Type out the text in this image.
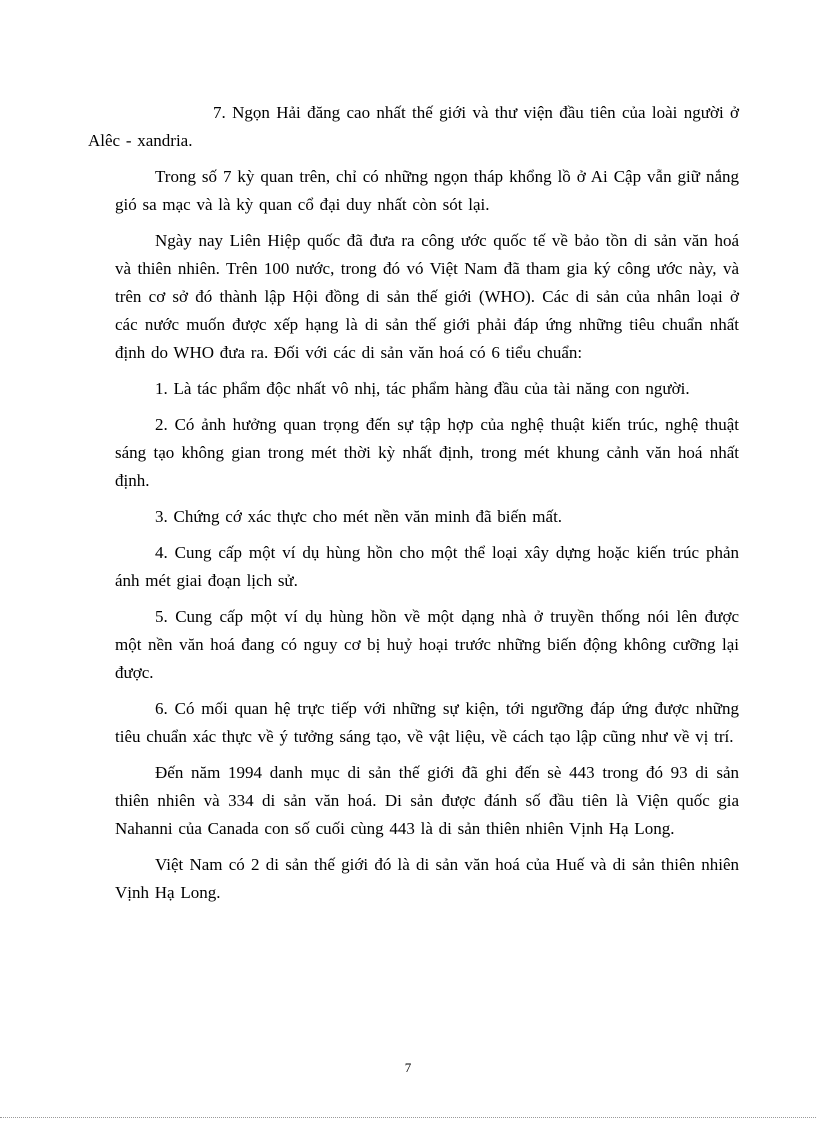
7. Ngọn Hải đăng cao nhất thế giới và thư viện đầu tiên của loài người ở Alêc - xandria.

Trong số 7 kỳ quan trên, chỉ có những ngọn tháp khổng lồ ở Ai Cập vẫn giữ nắng gió sa mạc và là kỳ quan cổ đại duy nhất còn sót lại.

Ngày nay Liên Hiệp quốc đã đưa ra công ước quốc tế về bảo tồn di sản văn hoá và thiên nhiên. Trên 100 nước, trong đó vó Việt Nam đã tham gia ký công ước này, và trên cơ sở đó thành lập Hội đồng di sản thế giới (WHO). Các di sản của nhân loại ở các nước muốn được xếp hạng là di sản thế giới phải đáp ứng những tiêu chuẩn nhất định do WHO đưa ra. Đối với các di sản văn hoá có 6 tiểu chuẩn:

1. Là tác phẩm độc nhất vô nhị, tác phẩm hàng đầu của tài năng con người.

2. Có ảnh hưởng quan trọng đến sự tập hợp của nghệ thuật kiến trúc, nghệ thuật sáng tạo không gian trong mét thời kỳ nhất định, trong mét khung cảnh văn hoá nhất định.

3. Chứng cớ xác thực cho mét nền văn minh đã biến mất.

4. Cung cấp một ví dụ hùng hồn cho một thể loại xây dựng hoặc kiến trúc phản ánh mét giai đoạn lịch sử.

5. Cung cấp một ví dụ hùng hồn về một dạng nhà ở truyền thống nói lên được một nền văn hoá đang có nguy cơ bị huỷ hoại trước những biến động không cưỡng lại được.

6. Có mối quan hệ trực tiếp với những sự kiện, tới ngưỡng đáp ứng được những tiêu chuẩn xác thực về ý tưởng sáng tạo, về vật liệu, về cách tạo lập cũng như về vị trí.

Đến năm 1994 danh mục di sản thế giới đã ghi đến sè 443 trong đó 93 di sản thiên nhiên và 334 di sản văn hoá. Di sản được đánh số đầu tiên là Viện quốc gia Nahanni của Canada con số cuối cùng 443 là di sản thiên nhiên Vịnh Hạ Long.

Việt Nam có 2 di sản thế giới đó là di sản văn hoá của Huế và di sản thiên nhiên Vịnh Hạ Long.

7
